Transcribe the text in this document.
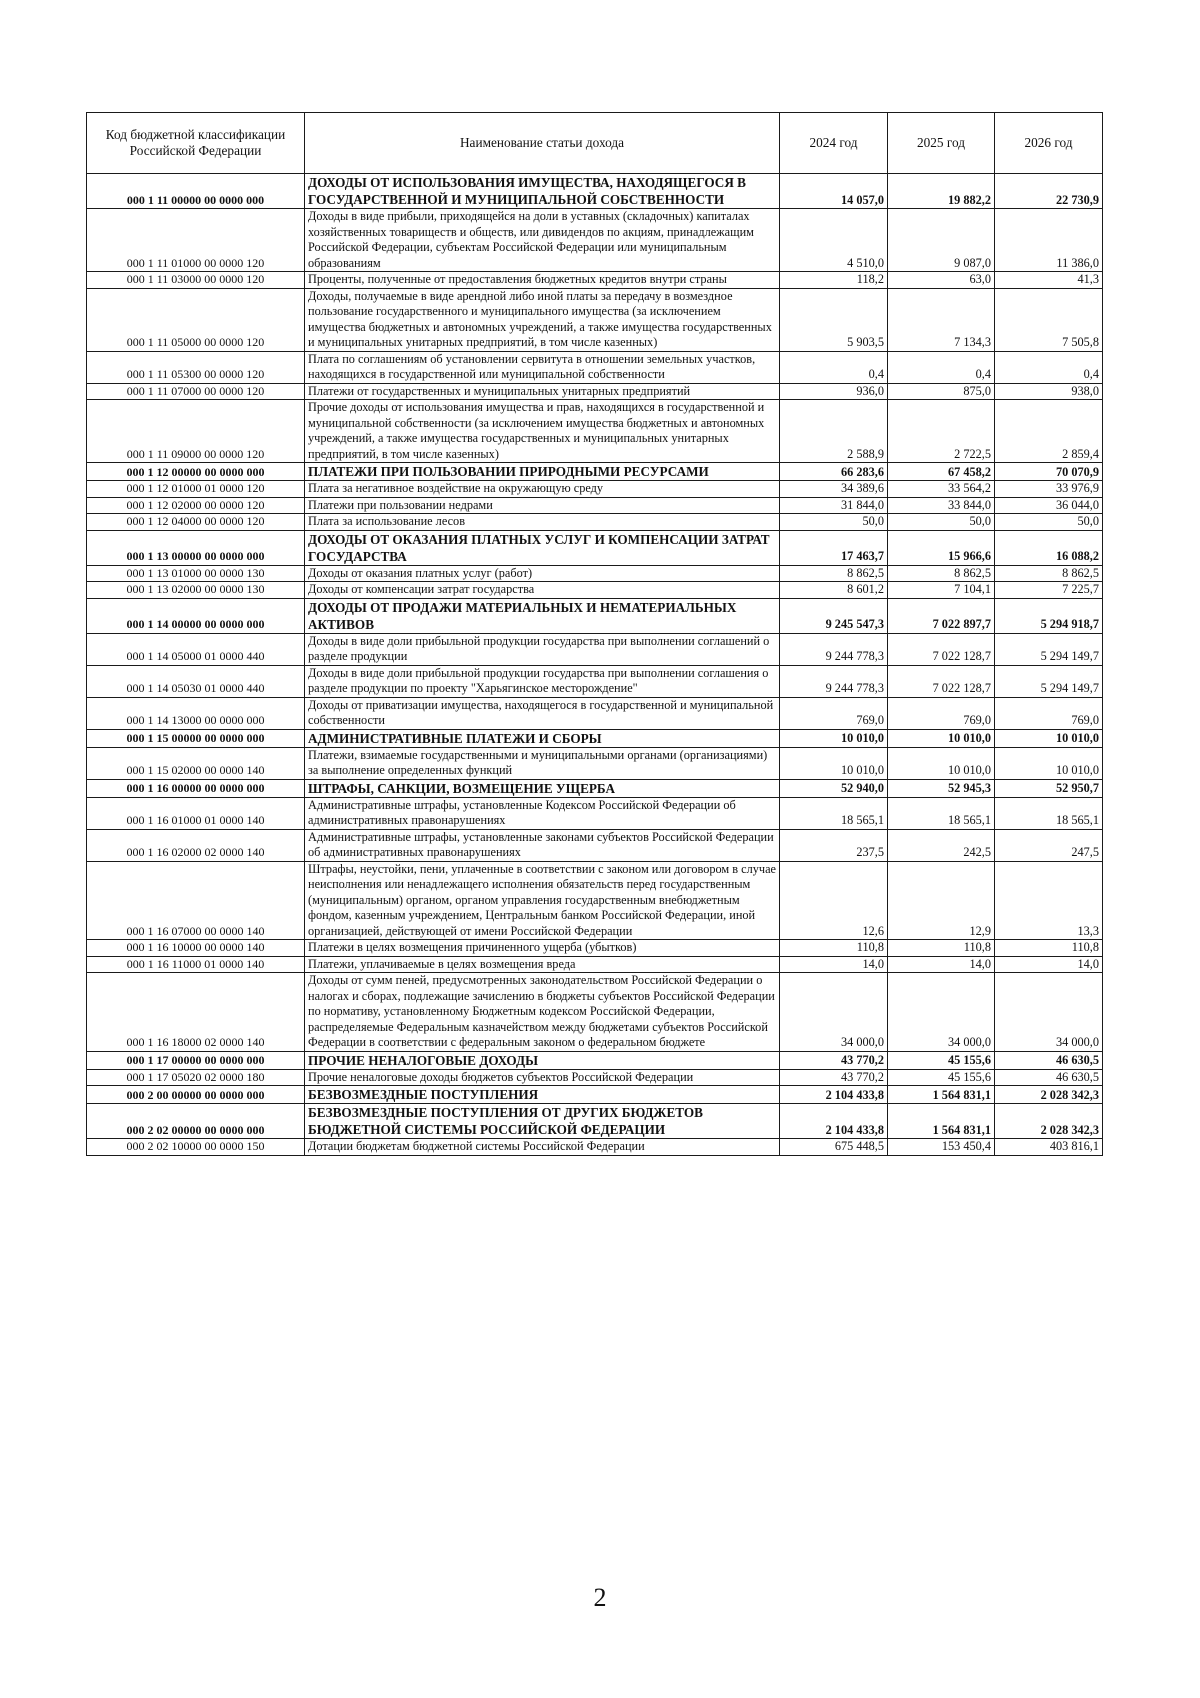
Код бюджетной классификации Российской Федерации	Наименование статьи дохода	2024 год	2025 год	2026 год
000 1 11 00000 00 0000 000	ДОХОДЫ ОТ ИСПОЛЬЗОВАНИЯ ИМУЩЕСТВА, НАХОДЯЩЕГОСЯ В ГОСУДАРСТВЕННОЙ И МУНИЦИПАЛЬНОЙ СОБСТВЕННОСТИ	14 057,0	19 882,2	22 730,9
000 1 11 01000 00 0000 120	Доходы в виде прибыли, приходящейся на доли в уставных (складочных) капиталах хозяйственных товариществ и обществ, или дивидендов по акциям, принадлежащим Российской Федерации, субъектам Российской Федерации или муниципальным образованиям	4 510,0	9 087,0	11 386,0
000 1 11 03000 00 0000 120	Проценты, полученные от предоставления бюджетных кредитов внутри страны	118,2	63,0	41,3
000 1 11 05000 00 0000 120	Доходы, получаемые в виде арендной либо иной платы за передачу в возмездное пользование государственного и муниципального имущества (за исключением имущества бюджетных и автономных учреждений, а также имущества государственных и муниципальных унитарных предприятий, в том числе казенных)	5 903,5	7 134,3	7 505,8
000 1 11 05300 00 0000 120	Плата по соглашениям об установлении сервитута в отношении земельных участков, находящихся в государственной или муниципальной собственности	0,4	0,4	0,4
000 1 11 07000 00 0000 120	Платежи от государственных и муниципальных унитарных предприятий	936,0	875,0	938,0
000 1 11 09000 00 0000 120	Прочие доходы от использования имущества и прав, находящихся в государственной и муниципальной собственности (за исключением имущества бюджетных и автономных учреждений, а также имущества государственных и муниципальных унитарных предприятий, в том числе казенных)	2 588,9	2 722,5	2 859,4
000 1 12 00000 00 0000 000	ПЛАТЕЖИ ПРИ ПОЛЬЗОВАНИИ ПРИРОДНЫМИ РЕСУРСАМИ	66 283,6	67 458,2	70 070,9
000 1 12 01000 01 0000 120	Плата за негативное воздействие на окружающую среду	34 389,6	33 564,2	33 976,9
000 1 12 02000 00 0000 120	Платежи при пользовании недрами	31 844,0	33 844,0	36 044,0
000 1 12 04000 00 0000 120	Плата за использование лесов	50,0	50,0	50,0
000 1 13 00000 00 0000 000	ДОХОДЫ ОТ ОКАЗАНИЯ ПЛАТНЫХ УСЛУГ И КОМПЕНСАЦИИ ЗАТРАТ ГОСУДАРСТВА	17 463,7	15 966,6	16 088,2
000 1 13 01000 00 0000 130	Доходы от оказания платных услуг (работ)	8 862,5	8 862,5	8 862,5
000 1 13 02000 00 0000 130	Доходы от компенсации затрат государства	8 601,2	7 104,1	7 225,7
000 1 14 00000 00 0000 000	ДОХОДЫ ОТ ПРОДАЖИ МАТЕРИАЛЬНЫХ И НЕМАТЕРИАЛЬНЫХ АКТИВОВ	9 245 547,3	7 022 897,7	5 294 918,7
000 1 14 05000 01 0000 440	Доходы в виде доли прибыльной продукции государства при выполнении соглашений о разделе продукции	9 244 778,3	7 022 128,7	5 294 149,7
000 1 14 05030 01 0000 440	Доходы в виде доли прибыльной продукции государства при выполнении соглашения о разделе продукции по проекту "Харьягинское месторождение"	9 244 778,3	7 022 128,7	5 294 149,7
000 1 14 13000 00 0000 000	Доходы от приватизации имущества, находящегося в государственной и муниципальной собственности	769,0	769,0	769,0
000 1 15 00000 00 0000 000	АДМИНИСТРАТИВНЫЕ ПЛАТЕЖИ И СБОРЫ	10 010,0	10 010,0	10 010,0
000 1 15 02000 00 0000 140	Платежи, взимаемые государственными и муниципальными органами (организациями) за выполнение определенных функций	10 010,0	10 010,0	10 010,0
000 1 16 00000 00 0000 000	ШТРАФЫ, САНКЦИИ, ВОЗМЕЩЕНИЕ УЩЕРБА	52 940,0	52 945,3	52 950,7
000 1 16 01000 01 0000 140	Административные штрафы, установленные Кодексом Российской Федерации об административных правонарушениях	18 565,1	18 565,1	18 565,1
000 1 16 02000 02 0000 140	Административные штрафы, установленные законами субъектов Российской Федерации об административных правонарушениях	237,5	242,5	247,5
000 1 16 07000 00 0000 140	Штрафы, неустойки, пени, уплаченные в соответствии с законом или договором в случае неисполнения или ненадлежащего исполнения обязательств перед государственным (муниципальным) органом, органом управления государственным внебюджетным фондом, казенным учреждением, Центральным банком Российской Федерации, иной организацией, действующей от имени Российской Федерации	12,6	12,9	13,3
000 1 16 10000 00 0000 140	Платежи в целях возмещения причиненного ущерба (убытков)	110,8	110,8	110,8
000 1 16 11000 01 0000 140	Платежи, уплачиваемые в целях возмещения вреда	14,0	14,0	14,0
000 1 16 18000 02 0000 140	Доходы от сумм пеней, предусмотренных законодательством Российской Федерации о налогах и сборах, подлежащие зачислению в бюджеты субъектов Российской Федерации по нормативу, установленному Бюджетным кодексом Российской Федерации, распределяемые Федеральным казначейством между бюджетами субъектов Российской Федерации в соответствии с федеральным законом о федеральном бюджете	34 000,0	34 000,0	34 000,0
000 1 17 00000 00 0000 000	ПРОЧИЕ НЕНАЛОГОВЫЕ ДОХОДЫ	43 770,2	45 155,6	46 630,5
000 1 17 05020 02 0000 180	Прочие неналоговые доходы бюджетов субъектов Российской Федерации	43 770,2	45 155,6	46 630,5
000 2 00 00000 00 0000 000	БЕЗВОЗМЕЗДНЫЕ ПОСТУПЛЕНИЯ	2 104 433,8	1 564 831,1	2 028 342,3
000 2 02 00000 00 0000 000	БЕЗВОЗМЕЗДНЫЕ ПОСТУПЛЕНИЯ ОТ ДРУГИХ БЮДЖЕТОВ БЮДЖЕТНОЙ СИСТЕМЫ РОССИЙСКОЙ ФЕДЕРАЦИИ	2 104 433,8	1 564 831,1	2 028 342,3
000 2 02 10000 00 0000 150	Дотации бюджетам бюджетной системы Российской Федерации	675 448,5	153 450,4	403 816,1
2
